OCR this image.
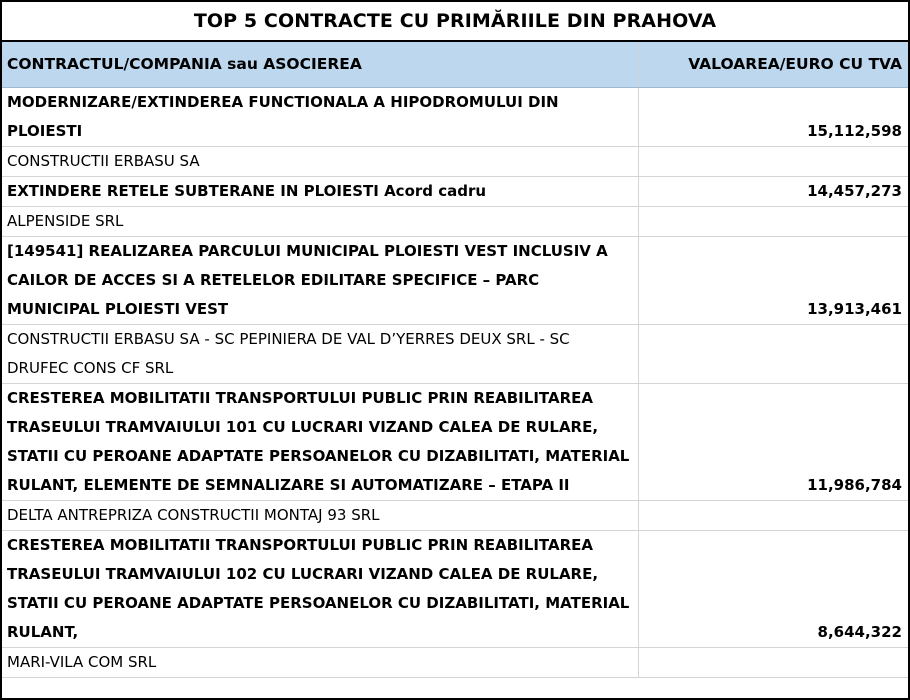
TOP 5 CONTRACTE CU PRIMĂRIILE DIN PRAHOVA
CONTRACTUL/COMPANIA sau ASOCIEREA	VALOAREA/EURO CU TVA
MODERNIZARE/EXTINDEREA FUNCTIONALA A HIPODROMULUI DIN PLOIESTI	15,112,598
CONSTRUCTII ERBASU SA	
EXTINDERE RETELE SUBTERANE IN PLOIESTI Acord cadru	14,457,273
ALPENSIDE SRL	
[149541] REALIZAREA PARCULUI MUNICIPAL PLOIESTI VEST INCLUSIV A CAILOR DE ACCES SI A RETELELOR EDILITARE SPECIFICE – PARC MUNICIPAL PLOIESTI VEST	13,913,461
CONSTRUCTII ERBASU SA - SC PEPINIERA DE VAL D’YERRES DEUX SRL - SC DRUFEC CONS CF SRL	
CRESTEREA MOBILITATII TRANSPORTULUI PUBLIC PRIN REABILITAREA TRASEULUI TRAMVAIULUI 101 CU LUCRARI VIZAND CALEA DE RULARE, STATII CU PEROANE ADAPTATE PERSOANELOR CU DIZABILITATI, MATERIAL RULANT, ELEMENTE DE SEMNALIZARE SI AUTOMATIZARE – ETAPA II	11,986,784
DELTA ANTREPRIZA CONSTRUCTII MONTAJ 93 SRL	
CRESTEREA MOBILITATII TRANSPORTULUI PUBLIC PRIN REABILITAREA TRASEULUI TRAMVAIULUI 102 CU LUCRARI VIZAND CALEA DE RULARE, STATII CU PEROANE ADAPTATE PERSOANELOR CU DIZABILITATI, MATERIAL RULANT,	8,644,322
MARI-VILA COM SRL	
